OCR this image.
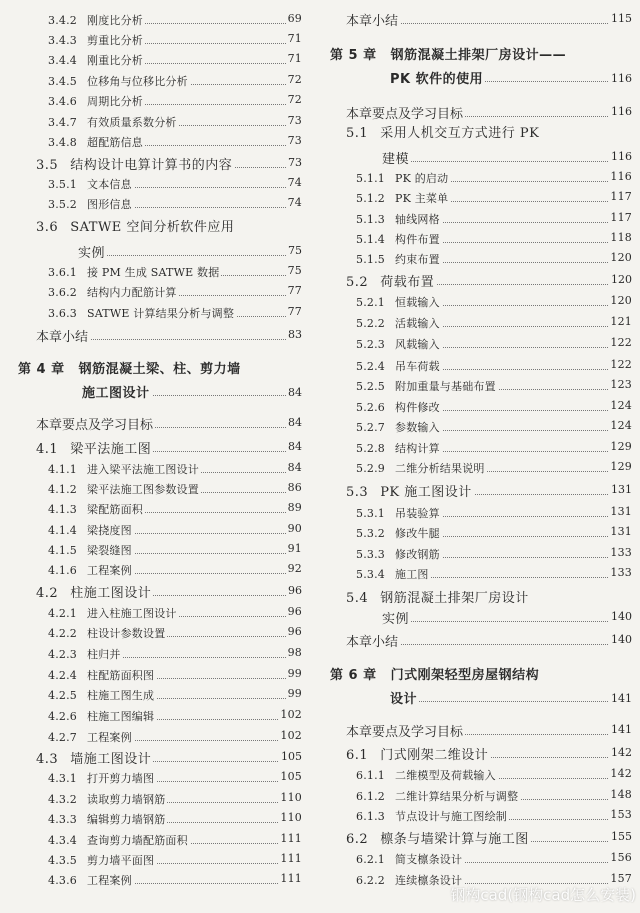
3.4.2 刚度比分析	69
3.4.3 剪重比分析	71
3.4.4 刚重比分析	71
3.4.5 位移角与位移比分析	72
3.4.6 周期比分析	72
3.4.7 有效质量系数分析	73
3.4.8 超配筋信息	73
3.5 结构设计电算计算书的内容	73
3.5.1 文本信息	74
3.5.2 图形信息	74
3.6 SATWE 空间分析软件应用
实例	75
3.6.1 接 PM 生成 SATWE 数据	75
3.6.2 结构内力配筋计算	77
3.6.3 SATWE 计算结果分析与调整	77
本章小结	83
第 4 章 钢筋混凝土梁、柱、剪力墙
施工图设计	84
本章要点及学习目标	84
4.1 梁平法施工图	84
4.1.1 进入梁平法施工图设计	84
4.1.2 梁平法施工图参数设置	86
4.1.3 梁配筋面积	89
4.1.4 梁挠度图	90
4.1.5 梁裂缝图	91
4.1.6 工程案例	92
4.2 柱施工图设计	96
4.2.1 进入柱施工图设计	96
4.2.2 柱设计参数设置	96
4.2.3 柱归并	98
4.2.4 柱配筋面积图	99
4.2.5 柱施工图生成	99
4.2.6 柱施工图编辑	102
4.2.7 工程案例	102
4.3 墙施工图设计	105
4.3.1 打开剪力墙图	105
4.3.2 读取剪力墙钢筋	110
4.3.3 编辑剪力墙钢筋	110
4.3.4 查询剪力墙配筋面积	111
4.3.5 剪力墙平面图	111
4.3.6 工程案例	111
本章小结	115
第 5 章 钢筋混凝土排架厂房设计——
PK 软件的使用	116
本章要点及学习目标	116
5.1 采用人机交互方式进行 PK
建模	116
5.1.1 PK 的启动	116
5.1.2 PK 主菜单	117
5.1.3 轴线网格	117
5.1.4 构件布置	118
5.1.5 约束布置	120
5.2 荷载布置	120
5.2.1 恒载输入	120
5.2.2 活载输入	121
5.2.3 风载输入	122
5.2.4 吊车荷载	122
5.2.5 附加重量与基础布置	123
5.2.6 构件修改	124
5.2.7 参数输入	124
5.2.8 结构计算	129
5.2.9 二维分析结果说明	129
5.3 PK 施工图设计	131
5.3.1 吊装验算	131
5.3.2 修改牛腿	131
5.3.3 修改钢筋	133
5.3.4 施工图	133
5.4 钢筋混凝土排架厂房设计
实例	140
本章小结	140
第 6 章 门式刚架轻型房屋钢结构
设计	141
本章要点及学习目标	141
6.1 门式刚架二维设计	142
6.1.1 二维模型及荷载输入	142
6.1.2 二维计算结果分析与调整	148
6.1.3 节点设计与施工图绘制	153
6.2 檩条与墙梁计算与施工图	155
6.2.1 简支檩条设计	156
6.2.2 连续檩条设计	157
钢构cad(钢构cad怎么安装)
